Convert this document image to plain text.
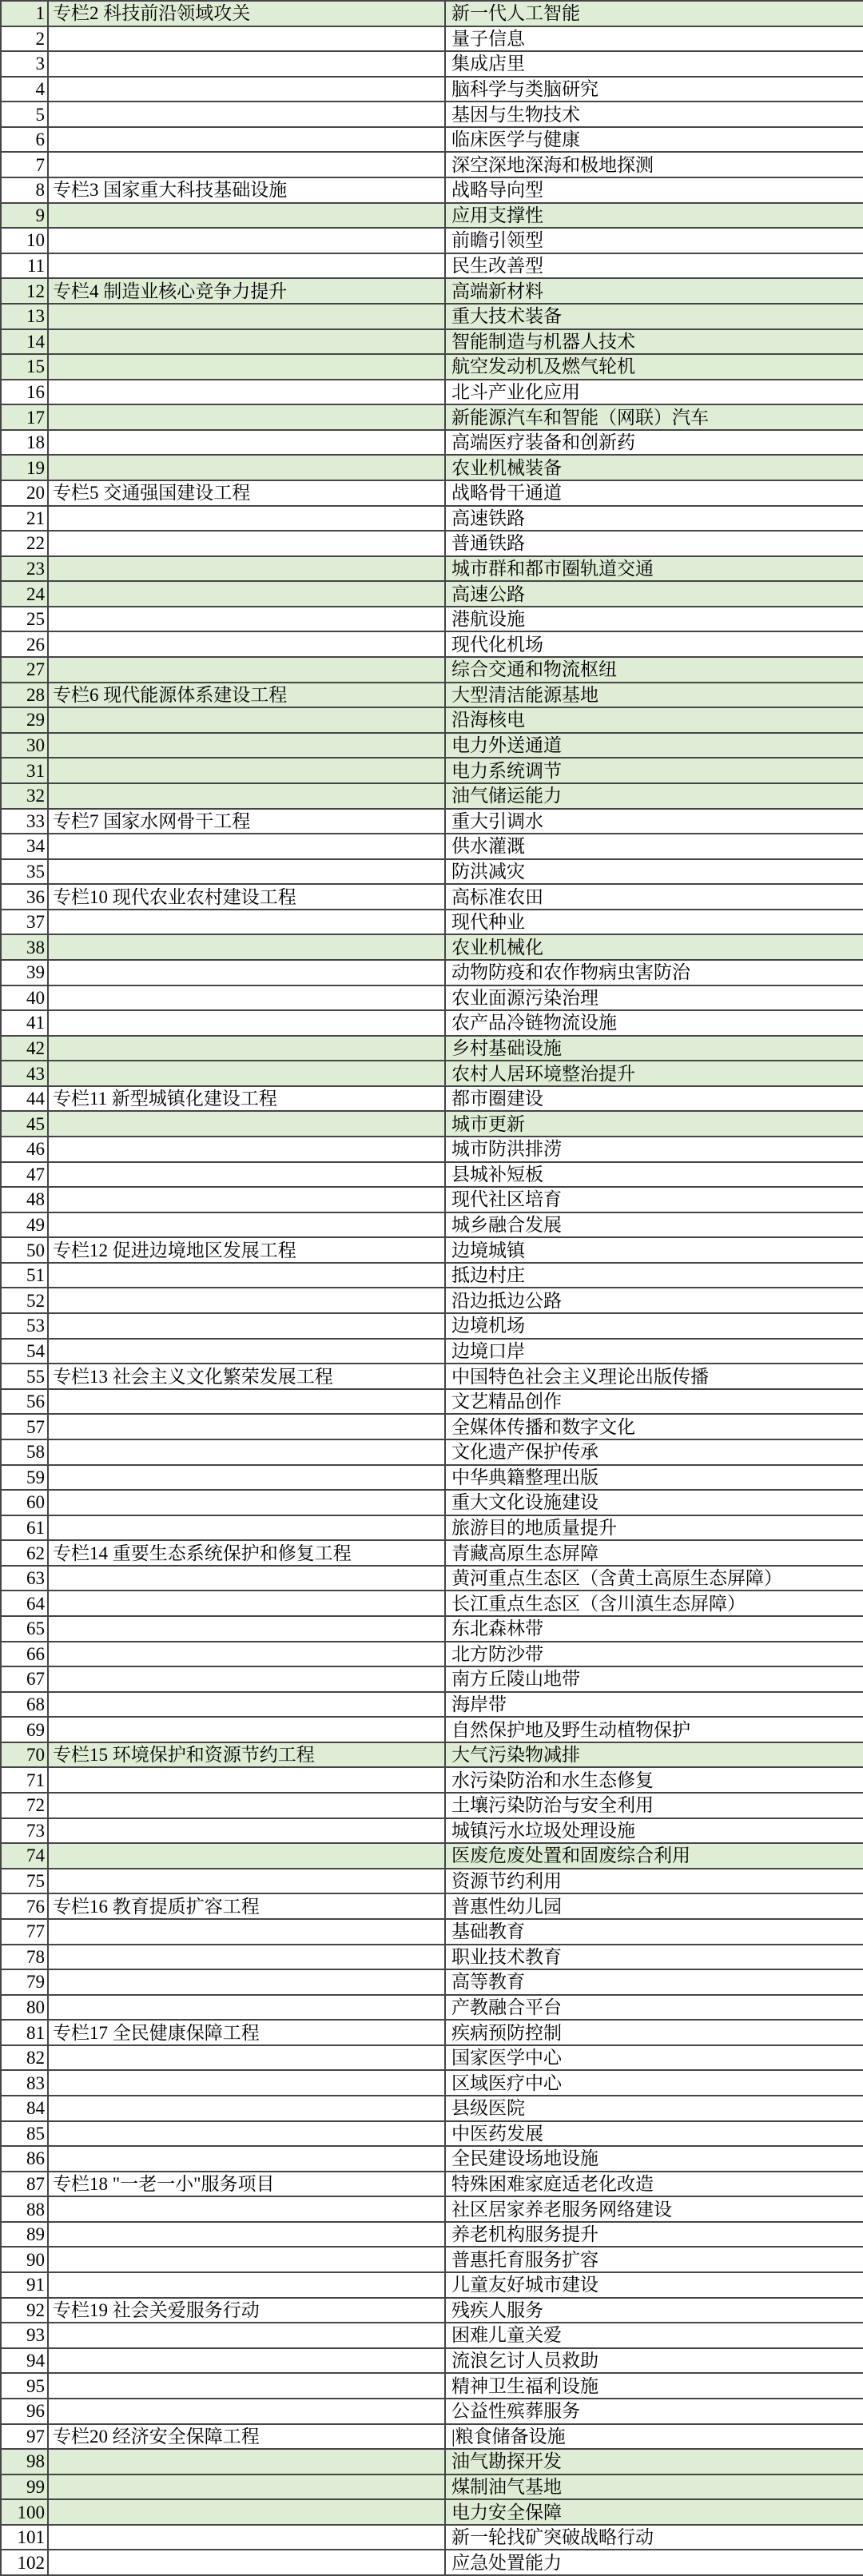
1	专栏2 科技前沿领域攻关	新一代人工智能
2		量子信息
3		集成店里
4		脑科学与类脑研究
5		基因与生物技术
6		临床医学与健康
7		深空深地深海和极地探测
8	专栏3 国家重大科技基础设施	战略导向型
9		应用支撑性
10		前瞻引领型
11		民生改善型
12	专栏4 制造业核心竞争力提升	高端新材料
13		重大技术装备
14		智能制造与机器人技术
15		航空发动机及燃气轮机
16		北斗产业化应用
17		新能源汽车和智能（网联）汽车
18		高端医疗装备和创新药
19		农业机械装备
20	专栏5 交通强国建设工程	战略骨干通道
21		高速铁路
22		普通铁路
23		城市群和都市圈轨道交通
24		高速公路
25		港航设施
26		现代化机场
27		综合交通和物流枢纽
28	专栏6 现代能源体系建设工程	大型清洁能源基地
29		沿海核电
30		电力外送通道
31		电力系统调节
32		油气储运能力
33	专栏7 国家水网骨干工程	重大引调水
34		供水灌溉
35		防洪减灾
36	专栏10 现代农业农村建设工程	高标准农田
37		现代种业
38		农业机械化
39		动物防疫和农作物病虫害防治
40		农业面源污染治理
41		农产品冷链物流设施
42		乡村基础设施
43		农村人居环境整治提升
44	专栏11 新型城镇化建设工程	都市圈建设
45		城市更新
46		城市防洪排涝
47		县城补短板
48		现代社区培育
49		城乡融合发展
50	专栏12 促进边境地区发展工程	边境城镇
51		抵边村庄
52		沿边抵边公路
53		边境机场
54		边境口岸
55	专栏13 社会主义文化繁荣发展工程	中国特色社会主义理论出版传播
56		文艺精品创作
57		全媒体传播和数字文化
58		文化遗产保护传承
59		中华典籍整理出版
60		重大文化设施建设
61		旅游目的地质量提升
62	专栏14 重要生态系统保护和修复工程	青藏高原生态屏障
63		黄河重点生态区（含黄土高原生态屏障）
64		长江重点生态区（含川滇生态屏障）
65		东北森林带
66		北方防沙带
67		南方丘陵山地带
68		海岸带
69		自然保护地及野生动植物保护
70	专栏15 环境保护和资源节约工程	大气污染物减排
71		水污染防治和水生态修复
72		土壤污染防治与安全利用
73		城镇污水垃圾处理设施
74		医废危废处置和固废综合利用
75		资源节约利用
76	专栏16 教育提质扩容工程	普惠性幼儿园
77		基础教育
78		职业技术教育
79		高等教育
80		产教融合平台
81	专栏17 全民健康保障工程	疾病预防控制
82		国家医学中心
83		区域医疗中心
84		县级医院
85		中医药发展
86		全民建设场地设施
87	专栏18 "一老一小"服务项目	特殊困难家庭适老化改造
88		社区居家养老服务网络建设
89		养老机构服务提升
90		普惠托育服务扩容
91		儿童友好城市建设
92	专栏19 社会关爱服务行动	残疾人服务
93		困难儿童关爱
94		流浪乞讨人员救助
95		精神卫生福利设施
96		公益性殡葬服务
97	专栏20 经济安全保障工程	|粮食储备设施
98		油气勘探开发
99		煤制油气基地
100		电力安全保障
101		新一轮找矿突破战略行动
102		应急处置能力
